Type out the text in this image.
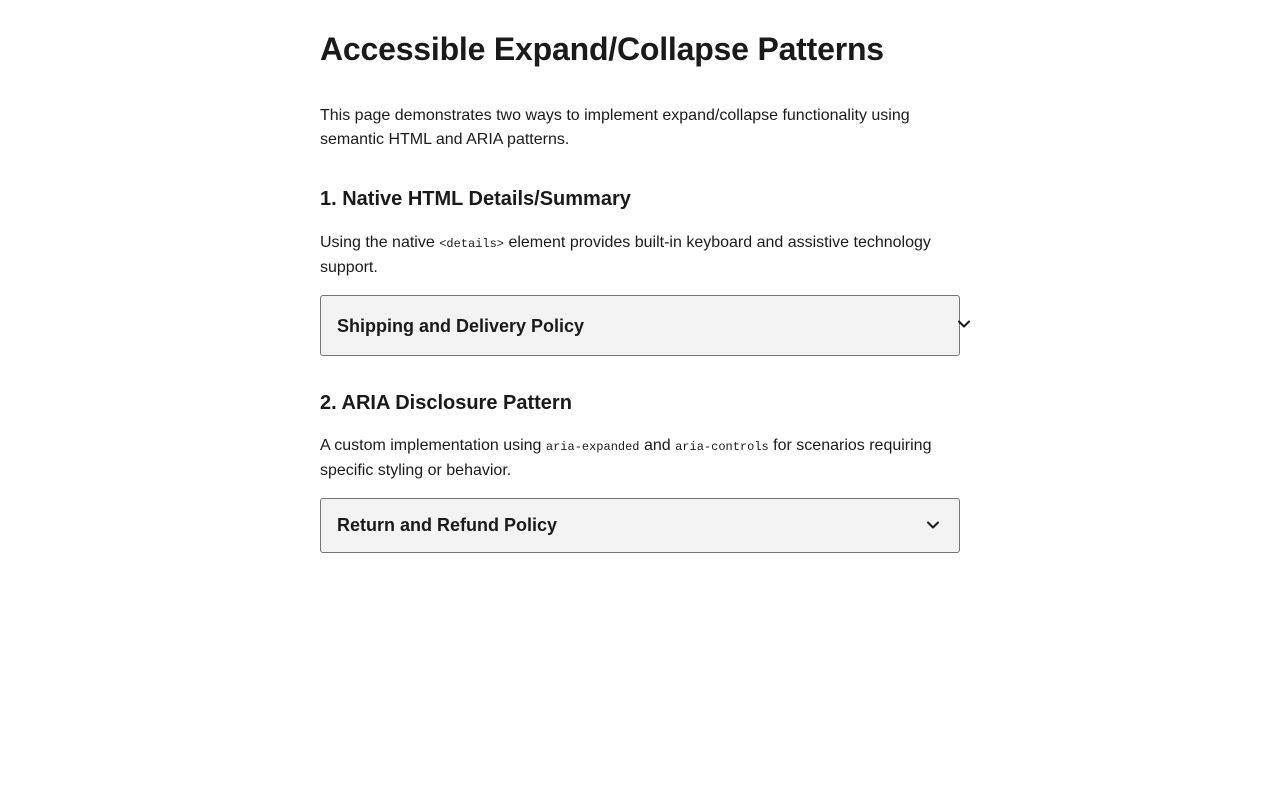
Accessible Expand/Collapse Patterns

This page demonstrates two ways to implement expand/collapse functionality using semantic HTML and ARIA patterns.

1. Native HTML Details/Summary

Using the native <details> element provides built-in keyboard and assistive technology support.

Shipping and Delivery Policy
2. ARIA Disclosure Pattern

A custom implementation using aria-expanded and aria-controls for scenarios requiring specific styling or behavior.

Return and Refund Policy
